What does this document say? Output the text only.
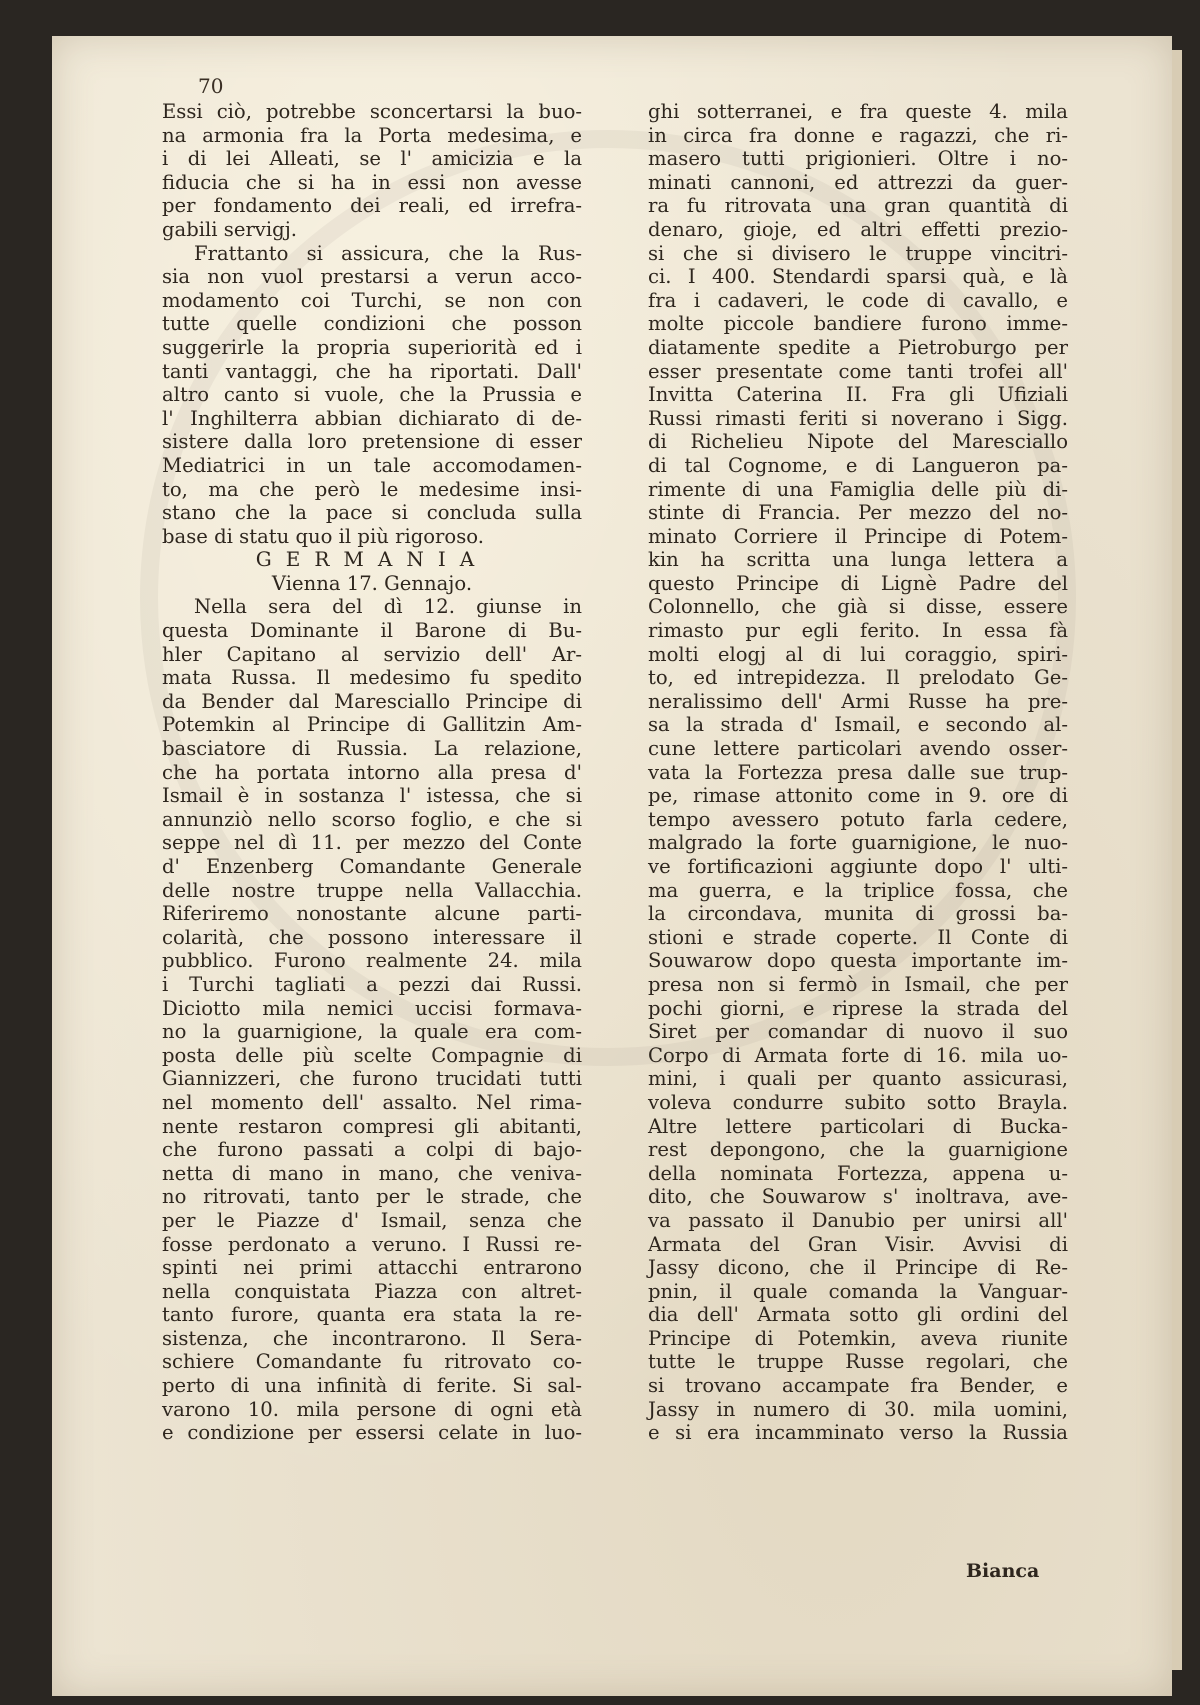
70
Essi ciò, potrebbe sconcertarsi la buo-
na armonia fra la Porta medesima, e
i di lei Alleati, se l' amicizia e la
fiducia che si ha in essi non avesse
per fondamento dei reali, ed irrefra-
gabili servigj.
Frattanto si assicura, che la Rus-
sia non vuol prestarsi a verun acco-
modamento coi Turchi, se non con
tutte quelle condizioni che posson
suggerirle la propria superiorità ed i
tanti vantaggi, che ha riportati. Dall'
altro canto si vuole, che la Prussia e
l' Inghilterra abbian dichiarato di de-
sistere dalla loro pretensione di esser
Mediatrici in un tale accomodamen-
to, ma che però le medesime insi-
stano che la pace si concluda sulla
base di statu quo il più rigoroso.
GERMANIA
Vienna 17. Gennajo.
Nella sera del dì 12. giunse in
questa Dominante il Barone di Bu-
hler Capitano al servizio dell' Ar-
mata Russa. Il medesimo fu spedito
da Bender dal Maresciallo Principe di
Potemkin al Principe di Gallitzin Am-
basciatore di Russia. La relazione,
che ha portata intorno alla presa d'
Ismail è in sostanza l' istessa, che si
annunziò nello scorso foglio, e che si
seppe nel dì 11. per mezzo del Conte
d' Enzenberg Comandante Generale
delle nostre truppe nella Vallacchia.
Riferiremo nonostante alcune parti-
colarità, che possono interessare il
pubblico. Furono realmente 24. mila
i Turchi tagliati a pezzi dai Russi.
Diciotto mila nemici uccisi formava-
no la guarnigione, la quale era com-
posta delle più scelte Compagnie di
Giannizzeri, che furono trucidati tutti
nel momento dell' assalto. Nel rima-
nente restaron compresi gli abitanti,
che furono passati a colpi di bajo-
netta di mano in mano, che veniva-
no ritrovati, tanto per le strade, che
per le Piazze d' Ismail, senza che
fosse perdonato a veruno. I Russi re-
spinti nei primi attacchi entrarono
nella conquistata Piazza con altret-
tanto furore, quanta era stata la re-
sistenza, che incontrarono. Il Sera-
schiere Comandante fu ritrovato co-
perto di una infinità di ferite. Si sal-
varono 10. mila persone di ogni età
e condizione per essersi celate in luo-
ghi sotterranei, e fra queste 4. mila
in circa fra donne e ragazzi, che ri-
masero tutti prigionieri. Oltre i no-
minati cannoni, ed attrezzi da guer-
ra fu ritrovata una gran quantità di
denaro, gioje, ed altri effetti prezio-
si che si divisero le truppe vincitri-
ci. I 400. Stendardi sparsi quà, e là
fra i cadaveri, le code di cavallo, e
molte piccole bandiere furono imme-
diatamente spedite a Pietroburgo per
esser presentate come tanti trofei all'
Invitta Caterina II. Fra gli Ufiziali
Russi rimasti feriti si noverano i Sigg.
di Richelieu Nipote del Maresciallo
di tal Cognome, e di Langueron pa-
rimente di una Famiglia delle più di-
stinte di Francia. Per mezzo del no-
minato Corriere il Principe di Potem-
kin ha scritta una lunga lettera a
questo Principe di Lignè Padre del
Colonnello, che già si disse, essere
rimasto pur egli ferito. In essa fà
molti elogj al di lui coraggio, spiri-
to, ed intrepidezza. Il prelodato Ge-
neralissimo dell' Armi Russe ha pre-
sa la strada d' Ismail, e secondo al-
cune lettere particolari avendo osser-
vata la Fortezza presa dalle sue trup-
pe, rimase attonito come in 9. ore di
tempo avessero potuto farla cedere,
malgrado la forte guarnigione, le nuo-
ve fortificazioni aggiunte dopo l' ulti-
ma guerra, e la triplice fossa, che
la circondava, munita di grossi ba-
stioni e strade coperte. Il Conte di
Souwarow dopo questa importante im-
presa non si fermò in Ismail, che per
pochi giorni, e riprese la strada del
Siret per comandar di nuovo il suo
Corpo di Armata forte di 16. mila uo-
mini, i quali per quanto assicurasi,
voleva condurre subito sotto Brayla.
Altre lettere particolari di Bucka-
rest depongono, che la guarnigione
della nominata Fortezza, appena u-
dito, che Souwarow s' inoltrava, ave-
va passato il Danubio per unirsi all'
Armata del Gran Visir. Avvisi di
Jassy dicono, che il Principe di Re-
pnin, il quale comanda la Vanguar-
dia dell' Armata sotto gli ordini del
Principe di Potemkin, aveva riunite
tutte le truppe Russe regolari, che
si trovano accampate fra Bender, e
Jassy in numero di 30. mila uomini,
e si era incamminato verso la Russia
Bianca
